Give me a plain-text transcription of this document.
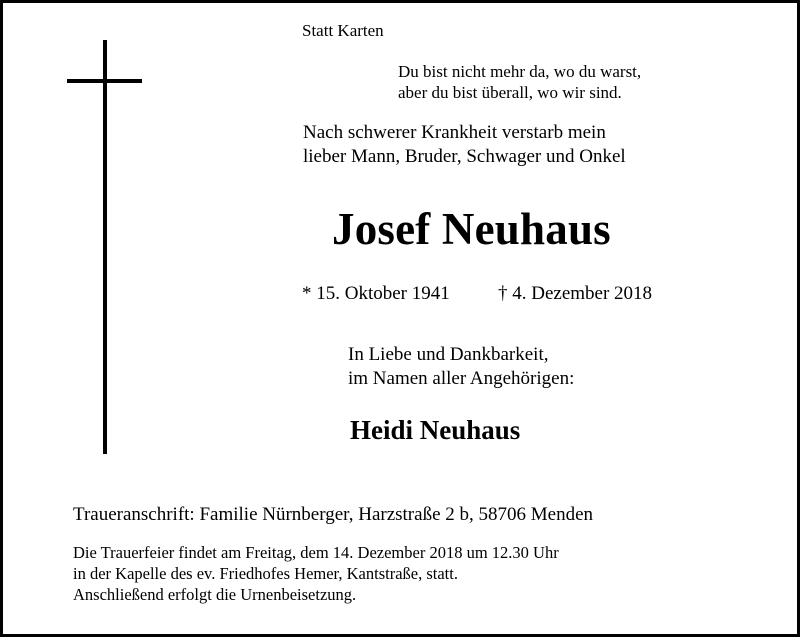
Statt Karten
Du bist nicht mehr da, wo du warst,
aber du bist überall, wo wir sind.
Nach schwerer Krankheit verstarb mein
lieber Mann, Bruder, Schwager und Onkel
Josef Neuhaus
* 15. Oktober 1941	† 4. Dezember 2018
In Liebe und Dankbarkeit,
im Namen aller Angehörigen:
Heidi Neuhaus
Traueranschrift: Familie Nürnberger, Harzstraße 2 b, 58706 Menden
Die Trauerfeier findet am Freitag, dem 14. Dezember 2018 um 12.30 Uhr
in der Kapelle des ev. Friedhofes Hemer, Kantstraße, statt.
Anschließend erfolgt die Urnenbeisetzung.
